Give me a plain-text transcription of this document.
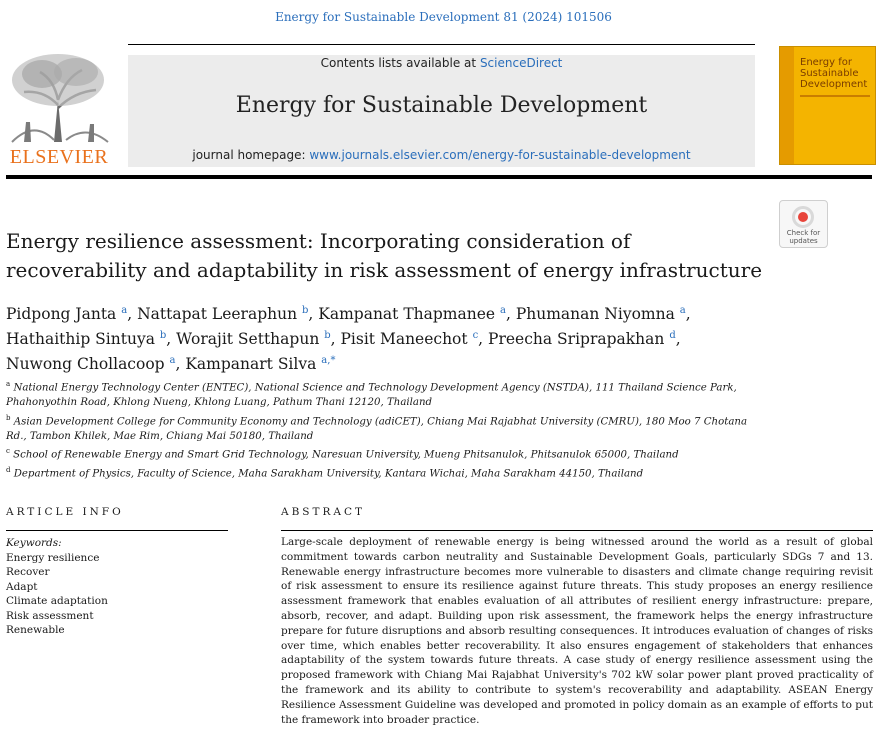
Energy for Sustainable Development 81 (2024) 101506
ELSEVIER
Contents lists available at ScienceDirect
Energy for Sustainable Development
journal homepage: www.journals.elsevier.com/energy-for-sustainable-development
Energy for Sustainable Development
Check for updates
Energy resilience assessment: Incorporating consideration of recoverability and adaptability in risk assessment of energy infrastructure
Pidpong Janta $^a$, Nattapat Leeraphun $^b$, Kampanat Thapmanee $^a$, Phumanan Niyomna $^a$,
Hathaithip Sintuya $^b$, Worajit Setthapun $^b$, Pisit Maneechot $^c$, Preecha Sriprapakhan $^d$,
Nuwong Chollacoop $^a$, Kampanart Silva $^{a,*}$
$^a$ National Energy Technology Center (ENTEC), National Science and Technology Development Agency (NSTDA), 111 Thailand Science Park, Phahonyothin Road, Khlong Nueng, Khlong Luang, Pathum Thani 12120, Thailand
$^b$ Asian Development College for Community Economy and Technology (adiCET), Chiang Mai Rajabhat University (CMRU), 180 Moo 7 Chotana Rd., Tambon Khilek, Mae Rim, Chiang Mai 50180, Thailand
$^c$ School of Renewable Energy and Smart Grid Technology, Naresuan University, Mueng Phitsanulok, Phitsanulok 65000, Thailand
$^d$ Department of Physics, Faculty of Science, Maha Sarakham University, Kantara Wichai, Maha Sarakham 44150, Thailand
ARTICLE INFO	ABSTRACT
Keywords:
Energy resilience
Recover
Adapt
Climate adaptation
Risk assessment
Renewable
Large-scale deployment of renewable energy is being witnessed around the world as a result of global commitment towards carbon neutrality and Sustainable Development Goals, particularly SDGs 7 and 13. Renewable energy infrastructure becomes more vulnerable to disasters and climate change requiring revisit of risk assessment to ensure its resilience against future threats. This study proposes an energy resilience assessment framework that enables evaluation of all attributes of resilient energy infrastructure: prepare, absorb, recover, and adapt. Building upon risk assessment, the framework helps the energy infrastructure prepare for future disruptions and absorb resulting consequences. It introduces evaluation of changes of risks over time, which enables better recoverability. It also ensures engagement of stakeholders that enhances adaptability of the system towards future threats. A case study of energy resilience assessment using the proposed framework with Chiang Mai Rajabhat University's 702 kW solar power plant proved practicality of the framework and its ability to contribute to system's recoverability and adaptability. ASEAN Energy Resilience Assessment Guideline was developed and promoted in policy domain as an example of efforts to put the framework into broader practice.
